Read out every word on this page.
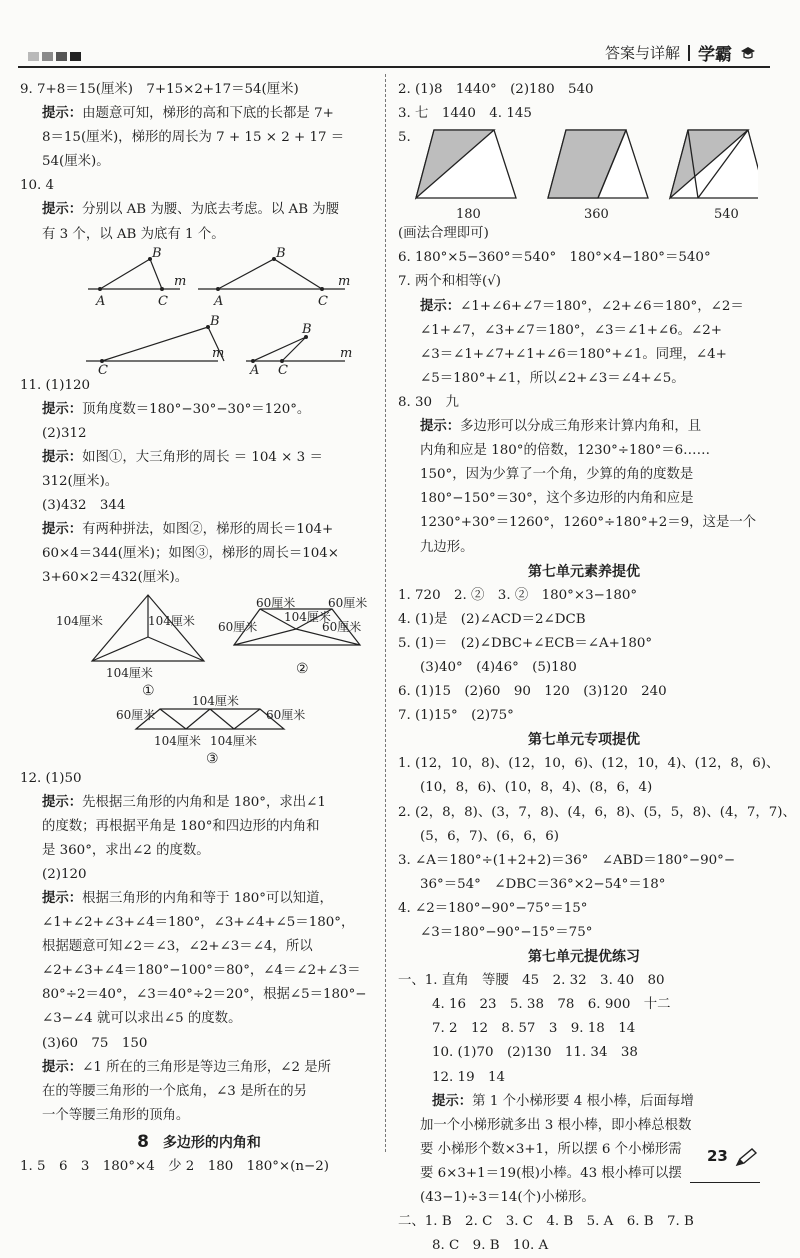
答案与详解 学霸
9. 7+8＝15(厘米)　7+15×2+17＝54(厘米)
提示：由题意可知，梯形的高和下底的长都是 7+
8＝15(厘米)，梯形的周长为 7 + 15 × 2 + 17 ＝
54(厘米)。
10. 4
提示：分别以 AB 为腰、为底去考虑。以 AB 为腰
有 3 个，以 AB 为底有 1 个。
B
m
A	C
B
m
A	C
B
m
C	A
B
m
C
11. (1)120
提示：顶角度数＝180°−30°−30°＝120°。
(2)312
提示：如图①，大三角形的周长 ＝ 104 × 3 ＝
312(厘米)。
(3)432　344
提示：有两种拼法，如图②，梯形的周长＝104+
60×4＝344(厘米)；如图③，梯形的周长＝104×
3+60×2＝432(厘米)。
104厘米	104厘米
104厘米
①
60厘米	60厘米
60厘米	60厘米
104厘米
②
104厘米
60厘米	60厘米
104厘米 104厘米
③
12. (1)50
提示：先根据三角形的内角和是 180°，求出∠1
的度数；再根据平角是 180°和四边形的内角和
是 360°，求出∠2 的度数。
(2)120
提示：根据三角形的内角和等于 180°可以知道，
∠1+∠2+∠3+∠4＝180°，∠3+∠4+∠5＝180°，
根据题意可知∠2＝∠3，∠2+∠3＝∠4，所以
∠2+∠3+∠4＝180°−100°＝80°，∠4＝∠2+∠3＝
80°÷2＝40°，∠3＝40°÷2＝20°，根据∠5＝180°−
∠3−∠4 就可以求出∠5 的度数。
(3)60　75　150
提示：∠1 所在的三角形是等边三角形，∠2 是所
在的等腰三角形的一个底角，∠3 是所在的另
一个等腰三角形的顶角。
8 多边形的内角和
1. 5　6　3　180°×4　少 2　180　180°×(n−2)
2. (1)8　1440°　(2)180　540
3. 七　1440　4. 145
5.
180	360	540
(画法合理即可)
6. 180°×5−360°＝540°　180°×4−180°＝540°
7. 两个和相等(√)
提示：∠1+∠6+∠7＝180°，∠2+∠6＝180°，∠2＝
∠1+∠7，∠3+∠7＝180°，∠3＝∠1+∠6。∠2+
∠3＝∠1+∠7+∠1+∠6＝180°+∠1。同理，∠4+
∠5＝180°+∠1，所以∠2+∠3＝∠4+∠5。
8. 30　九
提示：多边形可以分成三角形来计算内角和，且
内角和应是 180°的倍数，1230°÷180°＝6……
150°，因为少算了一个角，少算的角的度数是
180°−150°＝30°，这个多边形的内角和应是
1230°+30°＝1260°，1260°÷180°+2＝9，这是一个
九边形。
第七单元素养提优
1. 720　2. ②　3. ②　180°×3−180°
4. (1)是　(2)∠ACD＝2∠DCB
5. (1)＝　(2)∠DBC+∠ECB＝∠A+180°
(3)40°　(4)46°　(5)180
6. (1)15　(2)60　90　120　(3)120　240
7. (1)15°　(2)75°
第七单元专项提优
1. (12，10，8)、(12，10，6)、(12，10，4)、(12，8，6)、
(10，8，6)、(10，8，4)、(8，6，4)
2. (2，8，8)、(3，7，8)、(4，6，8)、(5，5，8)、(4，7，7)、
(5，6，7)、(6，6，6)
3. ∠A＝180°÷(1+2+2)＝36°　∠ABD＝180°−90°−
36°＝54°　∠DBC＝36°×2−54°＝18°
4. ∠2＝180°−90°−75°＝15°
∠3＝180°−90°−15°＝75°
第七单元提优练习
一、1. 直角　等腰　45　2. 32　3. 40　80
4. 16　23　5. 38　78　6. 900　十二
7. 2　12　8. 57　3　9. 18　14
10. (1)70　(2)130　11. 34　38
12. 19　14
提示：第 1 个小梯形要 4 根小棒，后面每增
加一个小梯形就多出 3 根小棒，即小棒总根数
要 小梯形个数×3+1，所以摆 6 个小梯形需
要 6×3+1＝19(根)小棒。43 根小棒可以摆
(43−1)÷3＝14(个)小梯形。
二、1. B　2. C　3. C　4. B　5. A　6. B　7. B
8. C　9. B　10. A
23
